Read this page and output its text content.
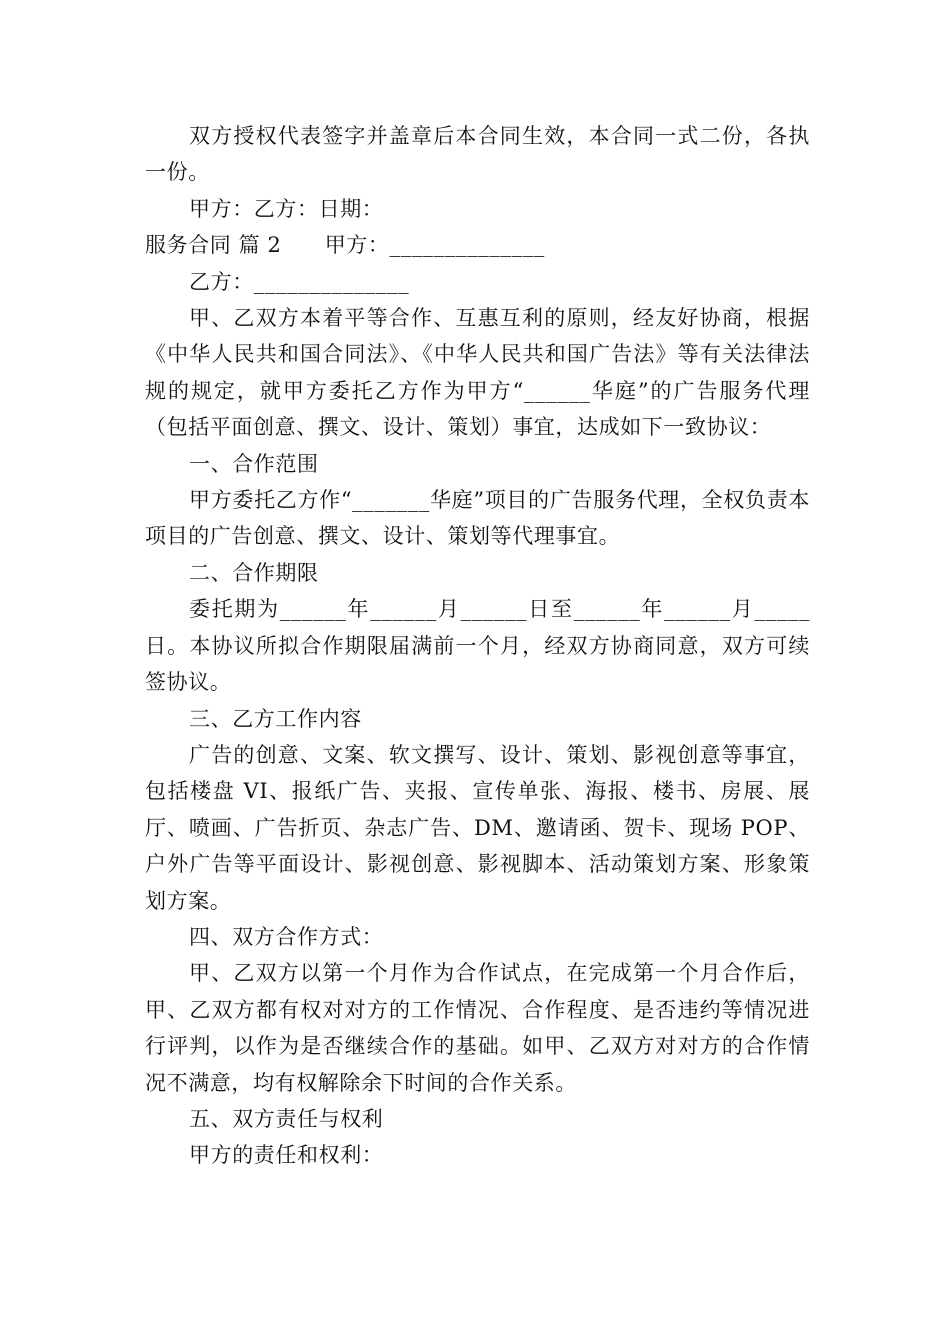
双方授权代表签字并盖章后本合同生效，本合同一式二份，各执一份。

甲方：乙方：日期：

服务合同 篇 2　　甲方：______________

乙方：______________

甲、乙双方本着平等合作、互惠互利的原则，经友好协商，根据《中华人民共和国合同法》、《中华人民共和国广告法》等有关法律法规的规定，就甲方委托乙方作为甲方“______华庭”的广告服务代理（包括平面创意、撰文、设计、策划）事宜，达成如下一致协议：

一、合作范围

甲方委托乙方作“_______华庭”项目的广告服务代理，全权负责本项目的广告创意、撰文、设计、策划等代理事宜。

二、合作期限

委托期为______年______月______日至______年______月_____日。本协议所拟合作期限届满前一个月，经双方协商同意，双方可续签协议。

三、乙方工作内容

广告的创意、文案、软文撰写、设计、策划、影视创意等事宜，包括楼盘 VI、报纸广告、夹报、宣传单张、海报、楼书、房展、展厅、喷画、广告折页、杂志广告、DM、邀请函、贺卡、现场 POP、户外广告等平面设计、影视创意、影视脚本、活动策划方案、形象策划方案。

四、双方合作方式：

甲、乙双方以第一个月作为合作试点，在完成第一个月合作后，甲、乙双方都有权对对方的工作情况、合作程度、是否违约等情况进行评判，以作为是否继续合作的基础。如甲、乙双方对对方的合作情况不满意，均有权解除余下时间的合作关系。

五、双方责任与权利

甲方的责任和权利：
